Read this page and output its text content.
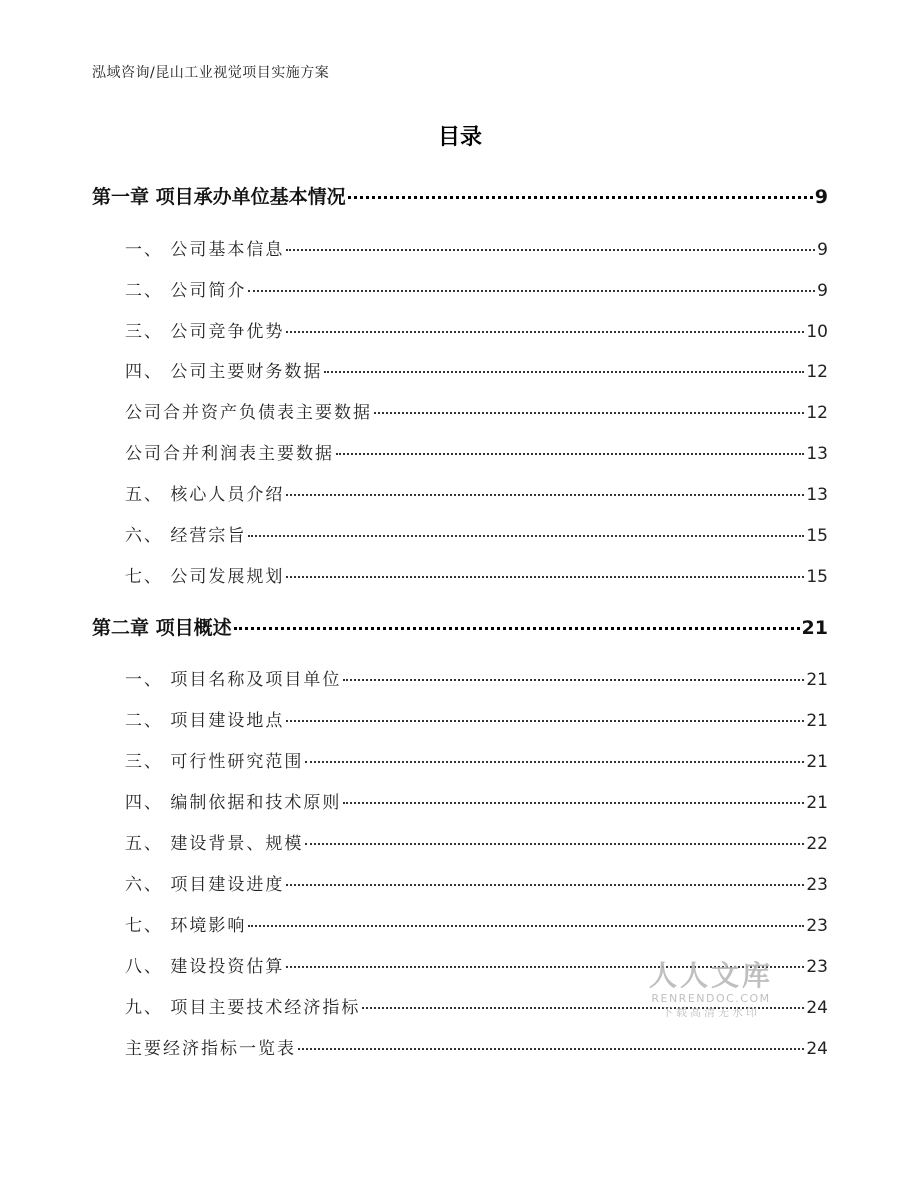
泓域咨询/昆山工业视觉项目实施方案
目录
第一章 项目承办单位基本情况	9
一、 公司基本信息	9
二、 公司简介	9
三、 公司竞争优势	10
四、 公司主要财务数据	12
公司合并资产负债表主要数据	12
公司合并利润表主要数据	13
五、 核心人员介绍	13
六、 经营宗旨	15
七、 公司发展规划	15
第二章 项目概述	21
一、 项目名称及项目单位	21
二、 项目建设地点	21
三、 可行性研究范围	21
四、 编制依据和技术原则	21
五、 建设背景、规模	22
六、 项目建设进度	23
七、 环境影响	23
八、 建设投资估算	23
九、 项目主要技术经济指标	24
主要经济指标一览表	24
人人文库
RENRENDOC.COM
下载高清无水印
